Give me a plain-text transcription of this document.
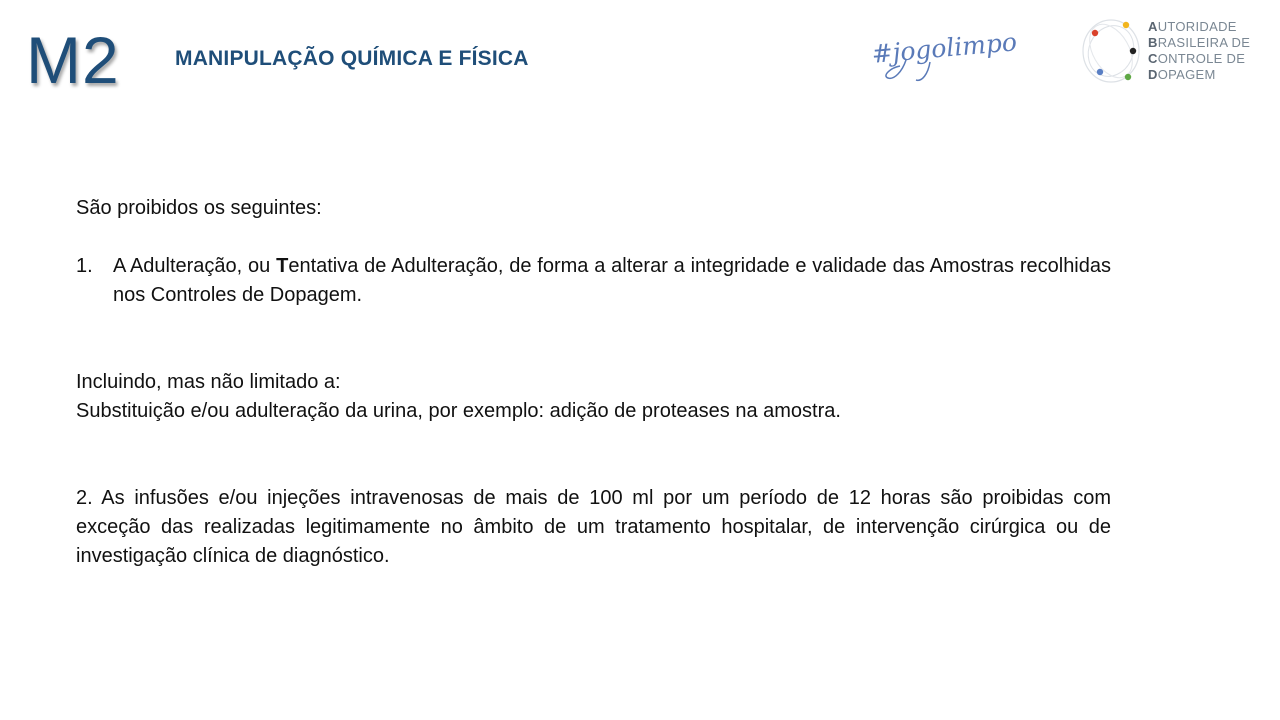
M2	MANIPULAÇÃO QUÍMICA E FÍSICA	#jogolimpo
AUTORIDADE
BRASILEIRA DE
CONTROLE DE
DOPAGEM

São proibidos os seguintes:

1.	A Adulteração, ou Tentativa de Adulteração, de forma a alterar a integridade e validade das Amostras recolhidas nos Controles de Dopagem.

Incluindo, mas não limitado a:

Substituição e/ou adulteração da urina, por exemplo: adição de proteases na amostra.

2. As infusões e/ou injeções intravenosas de mais de 100 ml por um período de 12 horas são proibidas com exceção das realizadas legitimamente no âmbito de um tratamento hospitalar, de intervenção cirúrgica ou de investigação clínica de diagnóstico.
